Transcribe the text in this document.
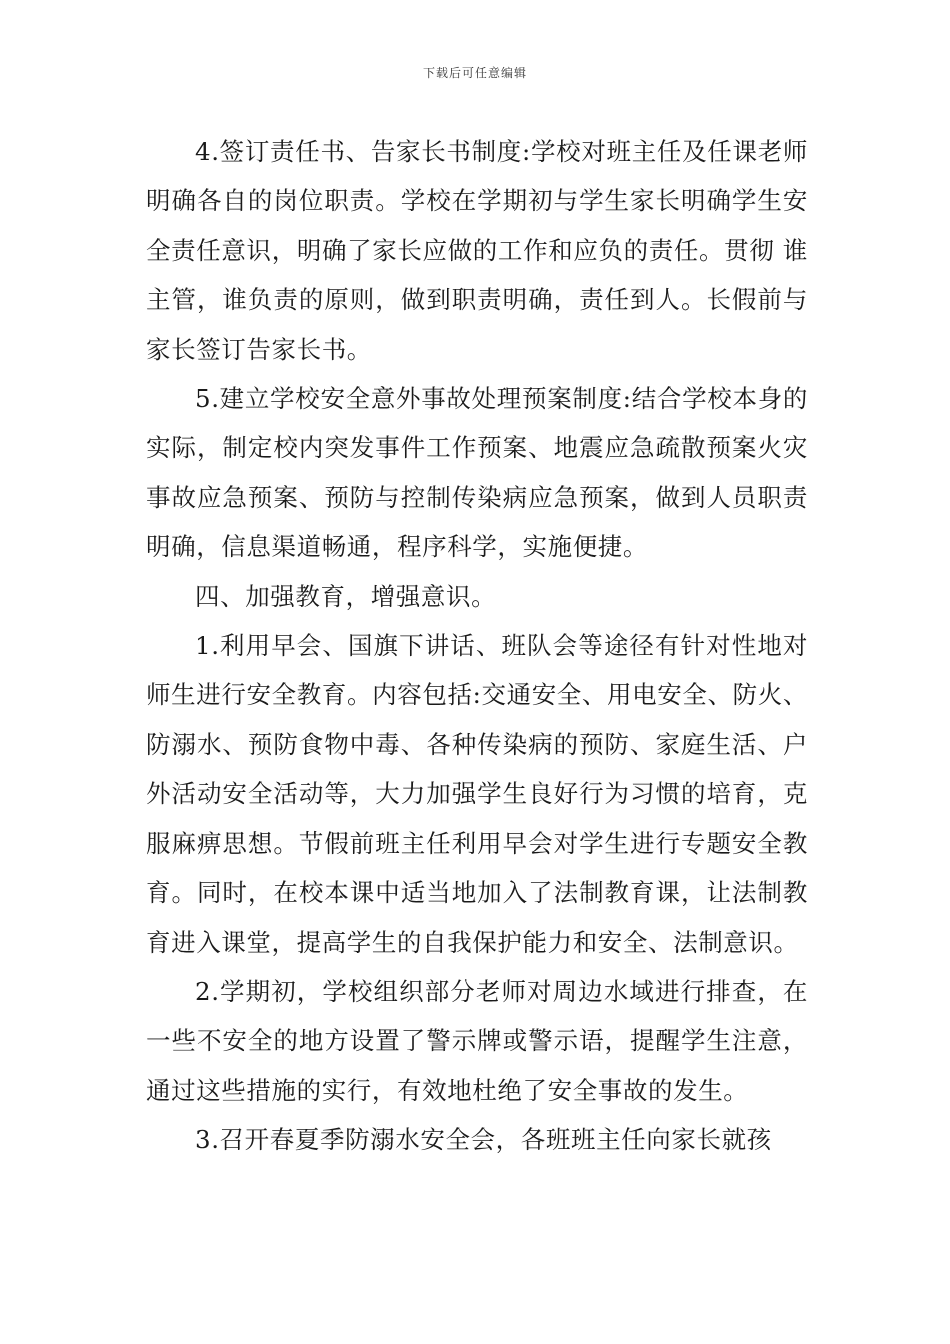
下载后可任意编辑

4.签订责任书、告家长书制度:学校对班主任及任课老师明确各自的岗位职责。学校在学期初与学生家长明确学生安全责任意识，明确了家长应做的工作和应负的责任。贯彻 谁主管，谁负责的原则，做到职责明确，责任到人。长假前与家长签订告家长书。

5.建立学校安全意外事故处理预案制度:结合学校本身的实际，制定校内突发事件工作预案、地震应急疏散预案火灾事故应急预案、预防与控制传染病应急预案，做到人员职责明确，信息渠道畅通，程序科学，实施便捷。

四、加强教育，增强意识。

1.利用早会、国旗下讲话、班队会等途径有针对性地对师生进行安全教育。内容包括:交通安全、用电安全、防火、防溺水、预防食物中毒、各种传染病的预防、家庭生活、户外活动安全活动等，大力加强学生良好行为习惯的培育，克服麻痹思想。节假前班主任利用早会对学生进行专题安全教育。同时，在校本课中适当地加入了法制教育课，让法制教育进入课堂，提高学生的自我保护能力和安全、法制意识。

2.学期初，学校组织部分老师对周边水域进行排查，在一些不安全的地方设置了警示牌或警示语，提醒学生注意，通过这些措施的实行，有效地杜绝了安全事故的发生。

3.召开春夏季防溺水安全会，各班班主任向家长就孩
